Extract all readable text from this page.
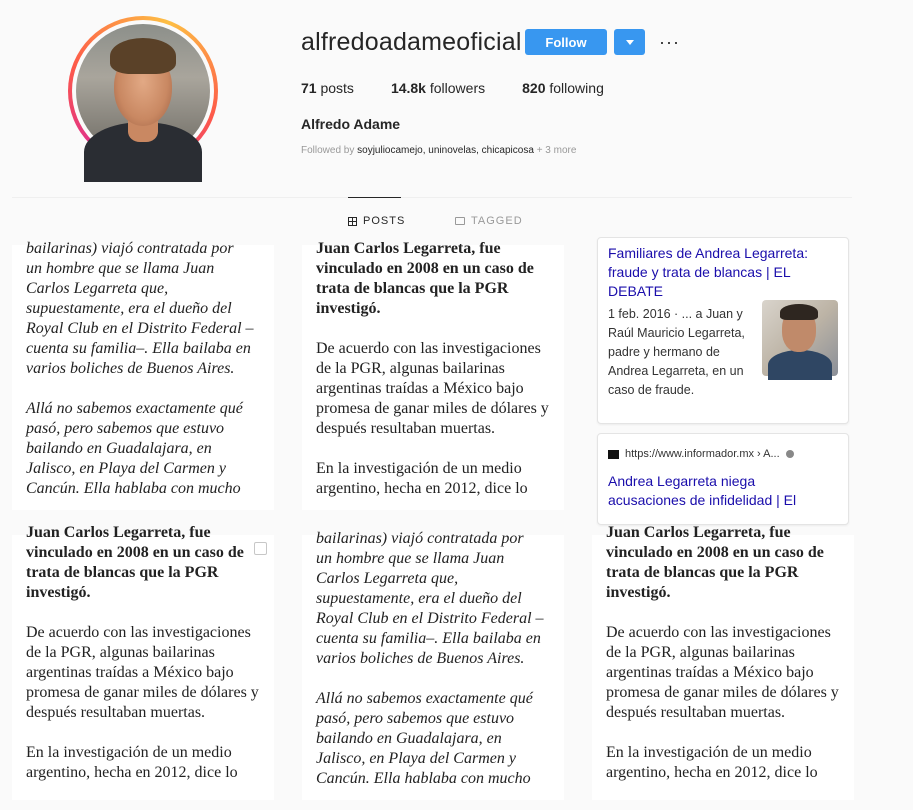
alfredoadameoficial	Follow	···
71 posts	14.8k followers	820 following
Alfredo Adame
Followed by soyjuliocamejo, uninovelas, chicapicosa + 3 more
POSTS	TAGGED

bailarinas) viajó contratada por

un hombre que se llama Juan Carlos Legarreta que, supuestamente, era el dueño del Royal Club en el Distrito Federal –cuenta su familia–. Ella bailaba en varios boliches de Buenos Aires.

Allá no sabemos exactamente qué pasó, pero sabemos que estuvo bailando en Guadalajara, en Jalisco, en Playa del Carmen y Cancún. Ella hablaba con mucho

Juan Carlos Legarreta, fue

vinculado en 2008 en un caso de trata de blancas que la PGR investigó.

De acuerdo con las investigaciones de la PGR, algunas bailarinas argentinas traídas a México bajo promesa de ganar miles de dólares y después resultaban muertas.

En la investigación de un medio argentino, hecha en 2012, dice lo

Familiares de Andrea Legarreta: fraude y trata de blancas | EL DEBATE
1 feb. 2016 · ... a Juan y Raúl Mauricio Legarreta, padre y hermano de Andrea Legarreta, en un caso de fraude.
https://www.informador.mx › A...
Andrea Legarreta niega acusaciones de infidelidad | El

Juan Carlos Legarreta, fue

vinculado en 2008 en un caso de trata de blancas que la PGR investigó.

De acuerdo con las investigaciones de la PGR, algunas bailarinas argentinas traídas a México bajo promesa de ganar miles de dólares y después resultaban muertas.

En la investigación de un medio argentino, hecha en 2012, dice lo

bailarinas) viajó contratada por

un hombre que se llama Juan Carlos Legarreta que, supuestamente, era el dueño del Royal Club en el Distrito Federal –cuenta su familia–. Ella bailaba en varios boliches de Buenos Aires.

Allá no sabemos exactamente qué pasó, pero sabemos que estuvo bailando en Guadalajara, en Jalisco, en Playa del Carmen y Cancún. Ella hablaba con mucho

Juan Carlos Legarreta, fue

vinculado en 2008 en un caso de trata de blancas que la PGR investigó.

De acuerdo con las investigaciones de la PGR, algunas bailarinas argentinas traídas a México bajo promesa de ganar miles de dólares y después resultaban muertas.

En la investigación de un medio argentino, hecha en 2012, dice lo
